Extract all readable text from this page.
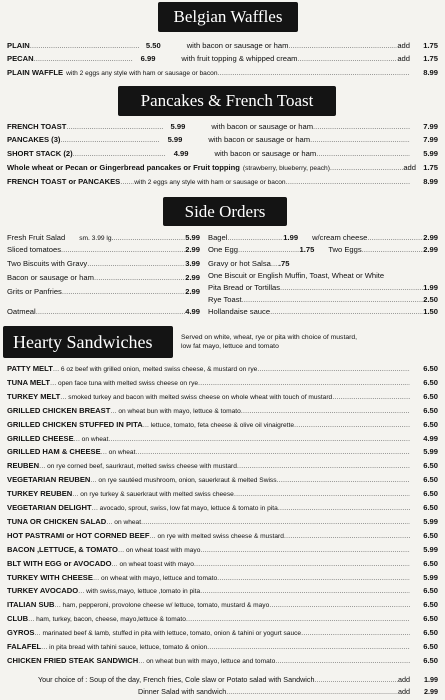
Belgian Waffles
PLAIN .....	5.50	with bacon or sausage or ham .....	add	1.75
PECAN .....	6.99	with fruit topping & whipped cream .....	add	1.75
PLAIN WAFFLE with 2 eggs any style with ham or sausage or bacon .....	8.99
Pancakes & French Toast
FRENCH TOAST .....	5.99	with bacon or sausage or ham .....	7.99
PANCAKES (3) .....	5.99	with bacon or sausage or ham .....	7.99
SHORT STACK (2) .....	4.99	with bacon or sausage or ham .....	5.99
Whole wheat or Pecan or Gingerbread pancakes or Fruit topping (strawberry, blueberry, peach) .....	add 1.75
FRENCH TOAST or PANCAKES ..... with 2 eggs any style with ham or sausage or bacon .....	8.99
Side Orders
Fresh Fruit Salad sm. 3.99 lg. .....	5.99
Sliced tomatoes .....	2.99
Two Biscuits with Gravy .....	3.99
Bacon or sausage or ham .....	2.99
Grits or Panfries .....	2.99
Oatmeal .....	4.99
Bagel .....	1.99 w/cream cheese .....	2.99
One Egg .....	1.75 Two Eggs .....	2.99
Gravy or hot Salsa ..... .75
One Biscuit or English Muffin, Toast, Wheat or White
Pita Bread or Tortillas .....	1.99
Rye Toast .....	2.50
Hollandaise sauce .....	1.50
Hearty Sandwiches	Served on white, wheat, rye or pita with choice of mustard,
low fat mayo, lettuce and tomato
PATTY MELT ..... 6 oz beef with grilled onion, melted swiss cheese, & mustard on rye .....	6.50
TUNA MELT ..... open face tuna with melted swiss cheese on rye .....	6.50
TURKEY MELT ..... smoked turkey and bacon with melted swiss cheese on whole wheat with touch of mustard .....	6.50
GRILLED CHICKEN BREAST ..... on wheat bun with mayo, lettuce & tomato .....	6.50
GRILLED CHICKEN STUFFED IN PITA ..... lettuce, tomato, feta cheese & olive oil vinaigrette .....	6.50
GRILLED CHEESE ..... on wheat .....	4.99
GRILLED HAM & CHEESE ..... on wheat .....	5.99
REUBEN ..... on rye corned beef, saurkraut, melted swiss cheese with mustard .....	6.50
VEGETARIAN REUBEN ..... on rye sautéed mushroom, onion, sauerkraut & melted Swiss .....	6.50
TURKEY REUBEN ..... on rye turkey & sauerkraut with melted swiss cheese .....	6.50
VEGETARIAN DELIGHT ..... avocado, sprout, swiss, low fat mayo, lettuce & tomato in pita .....	6.50
TUNA OR CHICKEN SALAD ..... on wheat .....	5.99
HOT PASTRAMI or HOT CORNED BEEF ..... on rye with melted swiss cheese & mustard .....	6.50
BACON ,LETTUCE, & TOMATO ..... on wheat toast with mayo .....	5.99
BLT WITH EGG or AVOCADO ..... on wheat toast with mayo .....	6.50
TURKEY WITH CHEESE ..... on wheat with mayo, lettuce and tomato .....	5.99
TURKEY AVOCADO ..... with swiss,mayo, lettuce ,tomato in pita .....	6.50
ITALIAN SUB ..... ham, pepperoni, provolone cheese w/ lettuce, tomato, mustard & mayo .....	6.50
CLUB ..... ham, turkey, bacon, cheese, mayo,lettuce & tomato .....	6.50
GYROS ..... marinated beef & lamb, stuffed in pita with lettuce, tomato, onion & tahini or yogurt sauce .....	6.50
FALAFEL ..... in pita bread with tahini sauce, lettuce, tomato & onion .....	6.50
CHICKEN FRIED STEAK SANDWICH ..... on wheat bun with mayo, lettuce and tomato .....	6.50
Your choice of : Soup of the day, French fries, Cole slaw or Potato salad with Sandwich .....	add	1.99
Dinner Salad with sandwich .....	add	2.99
